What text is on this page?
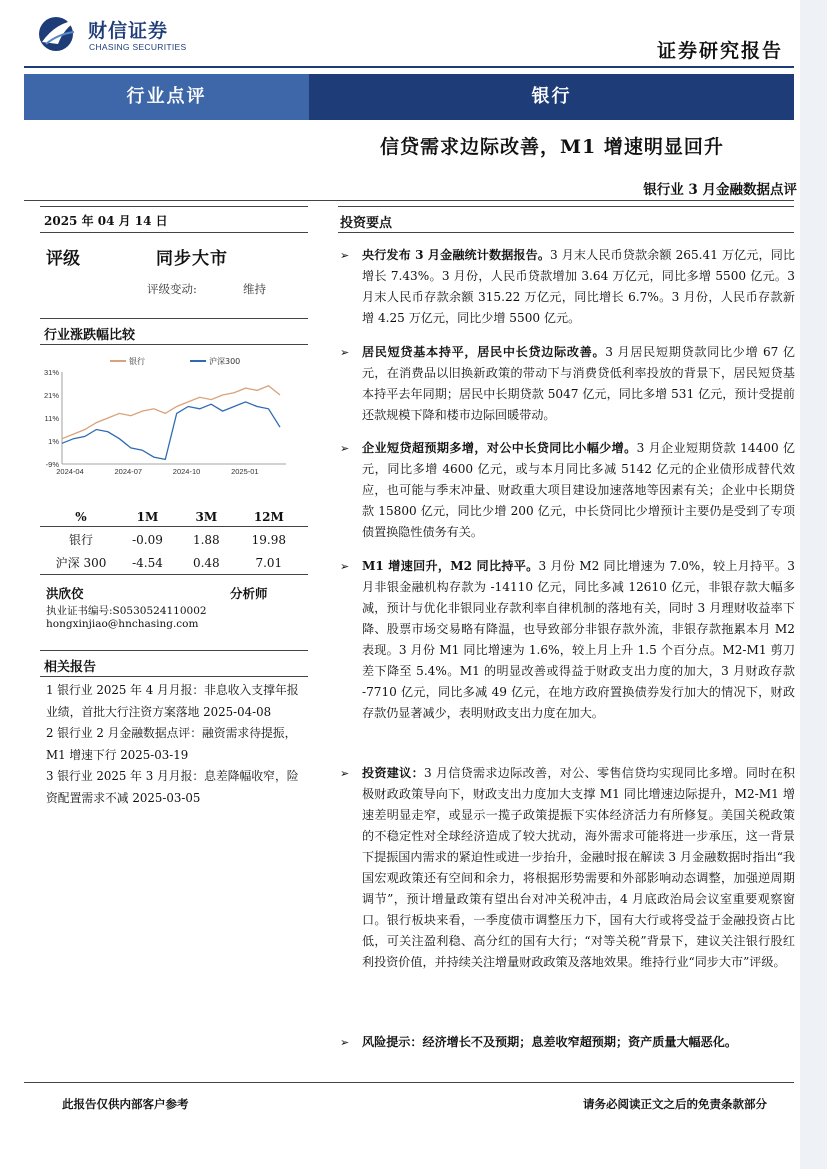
财信证券
CHASING SECURITIES	证券研究报告
行业点评	银行
信贷需求边际改善，M1 增速明显回升
银行业 3 月金融数据点评
2025 年 04 月 14 日
评级	同步大市
评级变动:	维持
行业涨跌幅比较
31%
21%
11%
1%
-9%
2024-04	2024-07	2024-10	2025-01
银行	沪深300
%	1M	3M	12M
银行	-0.09	1.88	19.98
沪深 300	-4.54	0.48	7.01
洪欣佼	分析师
执业证书编号:S0530524110002
hongxinjiao@hnchasing.com
相关报告
1 银行业 2025 年 4 月月报：非息收入支撑年报业绩，首批大行注资方案落地 2025-04-08
2 银行业 2 月金融数据点评：融资需求待提振，M1 增速下行 2025-03-19
3 银行业 2025 年 3 月月报：息差降幅收窄，险资配置需求不减 2025-03-05
投资要点
➢ 央行发布 3 月金融统计数据报告。3 月末人民币贷款余额 265.41 万亿元，同比增长 7.43%。3 月份，人民币贷款增加 3.64 万亿元，同比多增 5500 亿元。3 月末人民币存款余额 315.22 万亿元，同比增长 6.7%。3 月份，人民币存款新增 4.25 万亿元，同比少增 5500 亿元。
➢ 居民短贷基本持平，居民中长贷边际改善。3 月居民短期贷款同比少增 67 亿元，在消费品以旧换新政策的带动下与消费贷低利率投放的背景下，居民短贷基本持平去年同期；居民中长期贷款 5047 亿元，同比多增 531 亿元，预计受提前还款规模下降和楼市边际回暖带动。
➢ 企业短贷超预期多增，对公中长贷同比小幅少增。3 月企业短期贷款 14400 亿元，同比多增 4600 亿元，或与本月同比多减 5142 亿元的企业债形成替代效应，也可能与季末冲量、财政重大项目建设加速落地等因素有关；企业中长期贷款 15800 亿元，同比少增 200 亿元，中长贷同比少增预计主要仍是受到了专项债置换隐性债务有关。
➢ M1 增速回升，M2 同比持平。3 月份 M2 同比增速为 7.0%，较上月持平。3 月非银金融机构存款为 -14110 亿元，同比多减 12610 亿元，非银存款大幅多减，预计与优化非银同业存款利率自律机制的落地有关，同时 3 月理财收益率下降、股票市场交易略有降温，也导致部分非银存款外流，非银存款拖累本月 M2 表现。3 月份 M1 同比增速为 1.6%，较上月上升 1.5 个百分点。M2-M1 剪刀差下降至 5.4%。M1 的明显改善或得益于财政支出力度的加大，3 月财政存款 -7710 亿元，同比多减 49 亿元，在地方政府置换债券发行加大的情况下，财政存款仍显著减少，表明财政支出力度在加大。
➢ 投资建议：3 月信贷需求边际改善，对公、零售信贷均实现同比多增。同时在积极财政政策导向下，财政支出力度加大支撑 M1 同比增速边际提升，M2-M1 增速差明显走窄，或显示一揽子政策提振下实体经济活力有所修复。美国关税政策的不稳定性对全球经济造成了较大扰动，海外需求可能将进一步承压，这一背景下提振国内需求的紧迫性或进一步抬升，金融时报在解读 3 月金融数据时指出“我国宏观政策还有空间和余力，将根据形势需要和外部影响动态调整，加强逆周期调节”，预计增量政策有望出台对冲关税冲击，4 月底政治局会议室重要观察窗口。银行板块来看，一季度债市调整压力下，国有大行或将受益于金融投资占比低，可关注盈利稳、高分红的国有大行；“对等关税”背景下，建议关注银行股红利投资价值，并持续关注增量财政政策及落地效果。维持行业“同步大市”评级。
➢ 风险提示：经济增长不及预期；息差收窄超预期；资产质量大幅恶化。
此报告仅供内部客户参考	请务必阅读正文之后的免责条款部分
